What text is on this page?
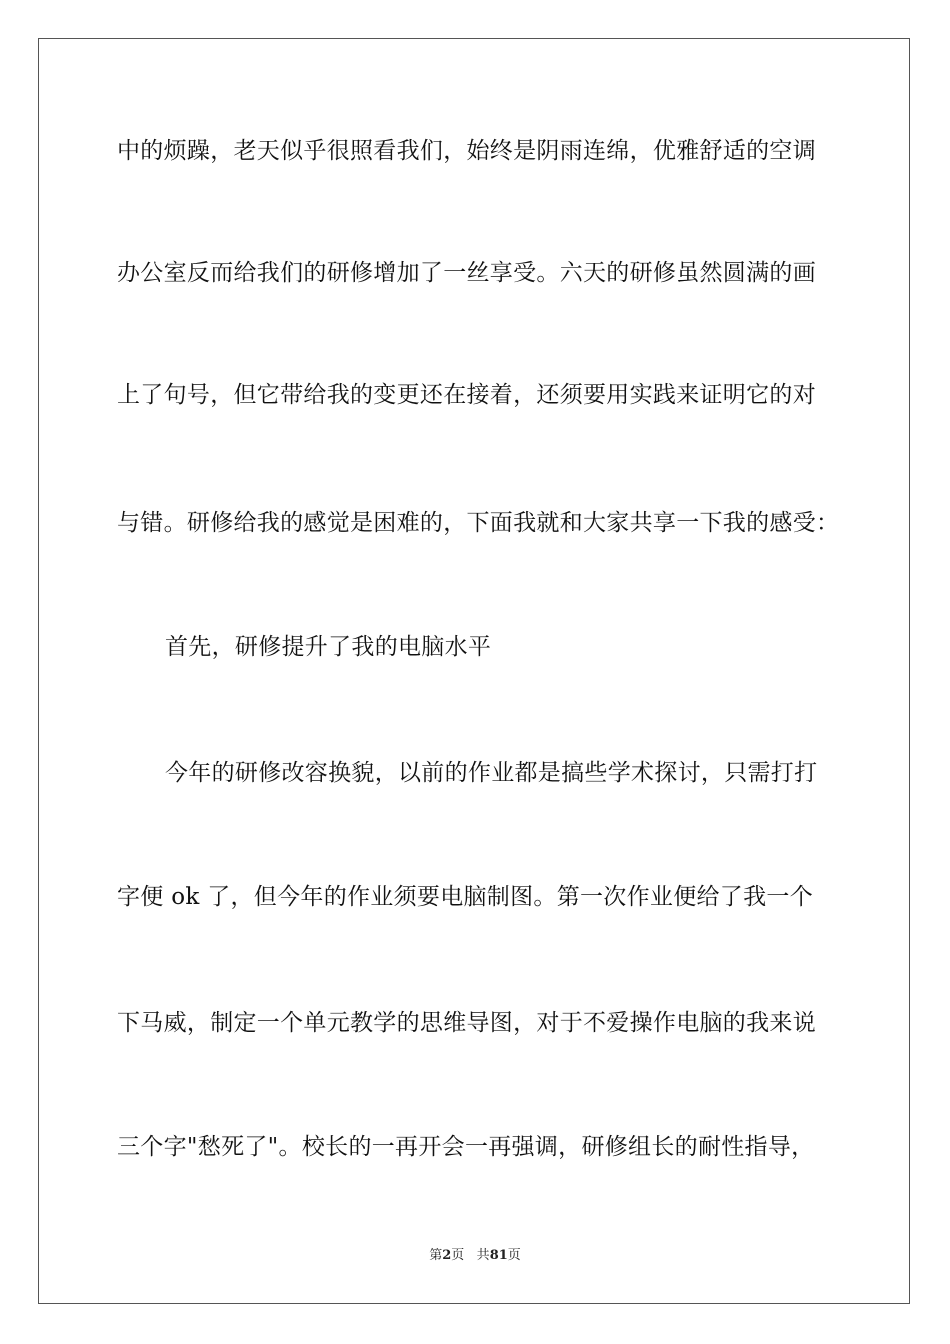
中的烦躁，老天似乎很照看我们，始终是阴雨连绵，优雅舒适的空调
办公室反而给我们的研修增加了一丝享受。六天的研修虽然圆满的画
上了句号，但它带给我的变更还在接着，还须要用实践来证明它的对
与错。研修给我的感觉是困难的，下面我就和大家共享一下我的感受：
首先，研修提升了我的电脑水平
今年的研修改容换貌，以前的作业都是搞些学术探讨，只需打打
字便 ok 了，但今年的作业须要电脑制图。第一次作业便给了我一个
下马威，制定一个单元教学的思维导图，对于不爱操作电脑的我来说
三个字"愁死了"。校长的一再开会一再强调，研修组长的耐性指导，
第2页 共81页
